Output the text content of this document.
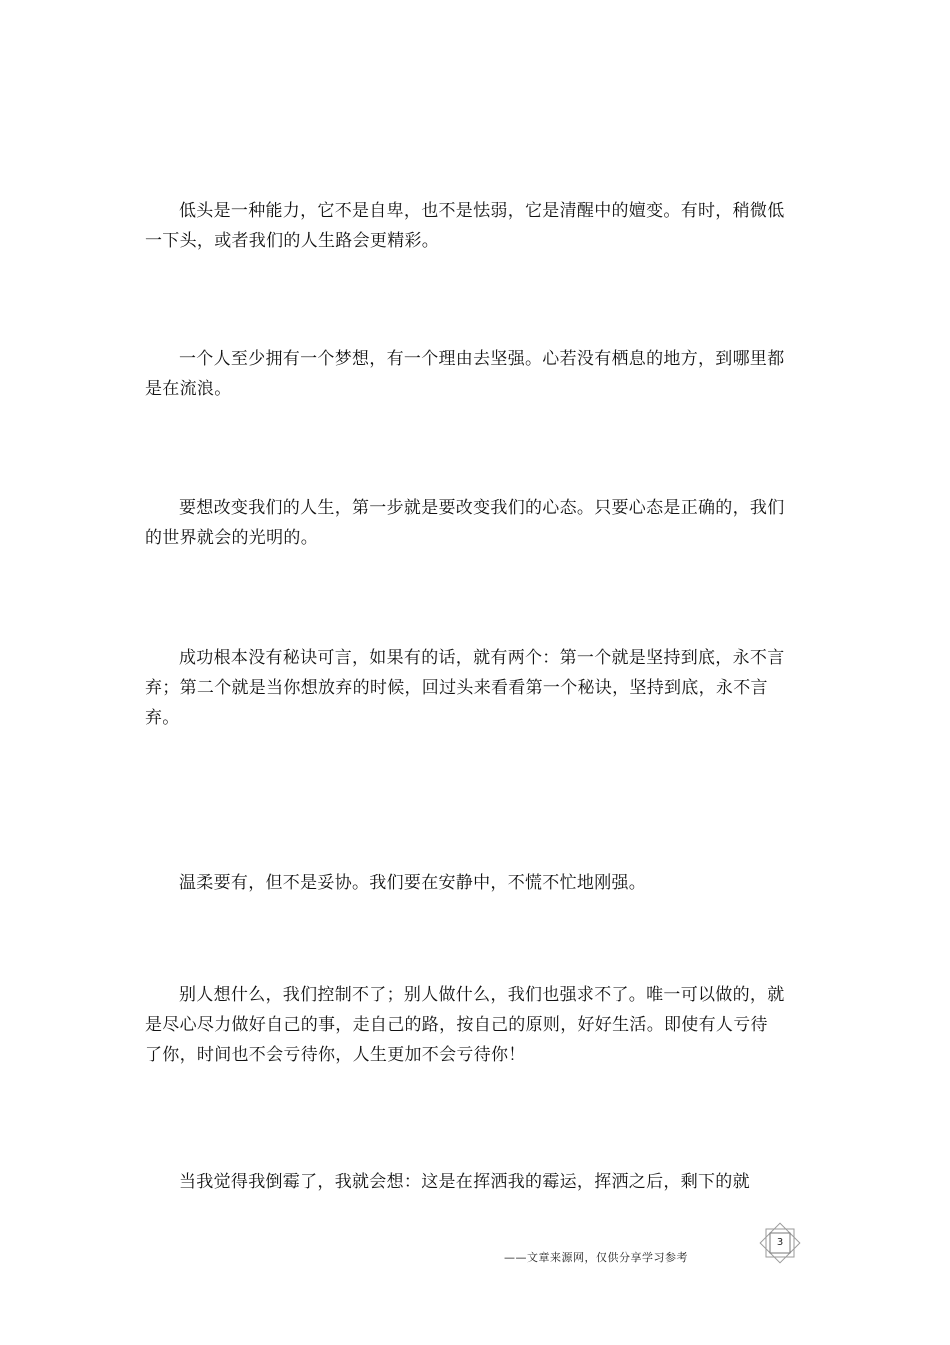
低头是一种能力，它不是自卑，也不是怯弱，它是清醒中的嬗变。有时，稍微低一下头，或者我们的人生路会更精彩。

一个人至少拥有一个梦想，有一个理由去坚强。心若没有栖息的地方，到哪里都是在流浪。

要想改变我们的人生，第一步就是要改变我们的心态。只要心态是正确的，我们的世界就会的光明的。

成功根本没有秘诀可言，如果有的话，就有两个：第一个就是坚持到底，永不言弃；第二个就是当你想放弃的时候，回过头来看看第一个秘诀，坚持到底，永不言弃。

温柔要有，但不是妥协。我们要在安静中，不慌不忙地刚强。

别人想什么，我们控制不了；别人做什么，我们也强求不了。唯一可以做的，就是尽心尽力做好自己的事，走自己的路，按自己的原则，好好生活。即使有人亏待了你，时间也不会亏待你，人生更加不会亏待你！

当我觉得我倒霉了，我就会想：这是在挥洒我的霉运，挥洒之后，剩下的就

——文章来源网，仅供分享学习参考
3
